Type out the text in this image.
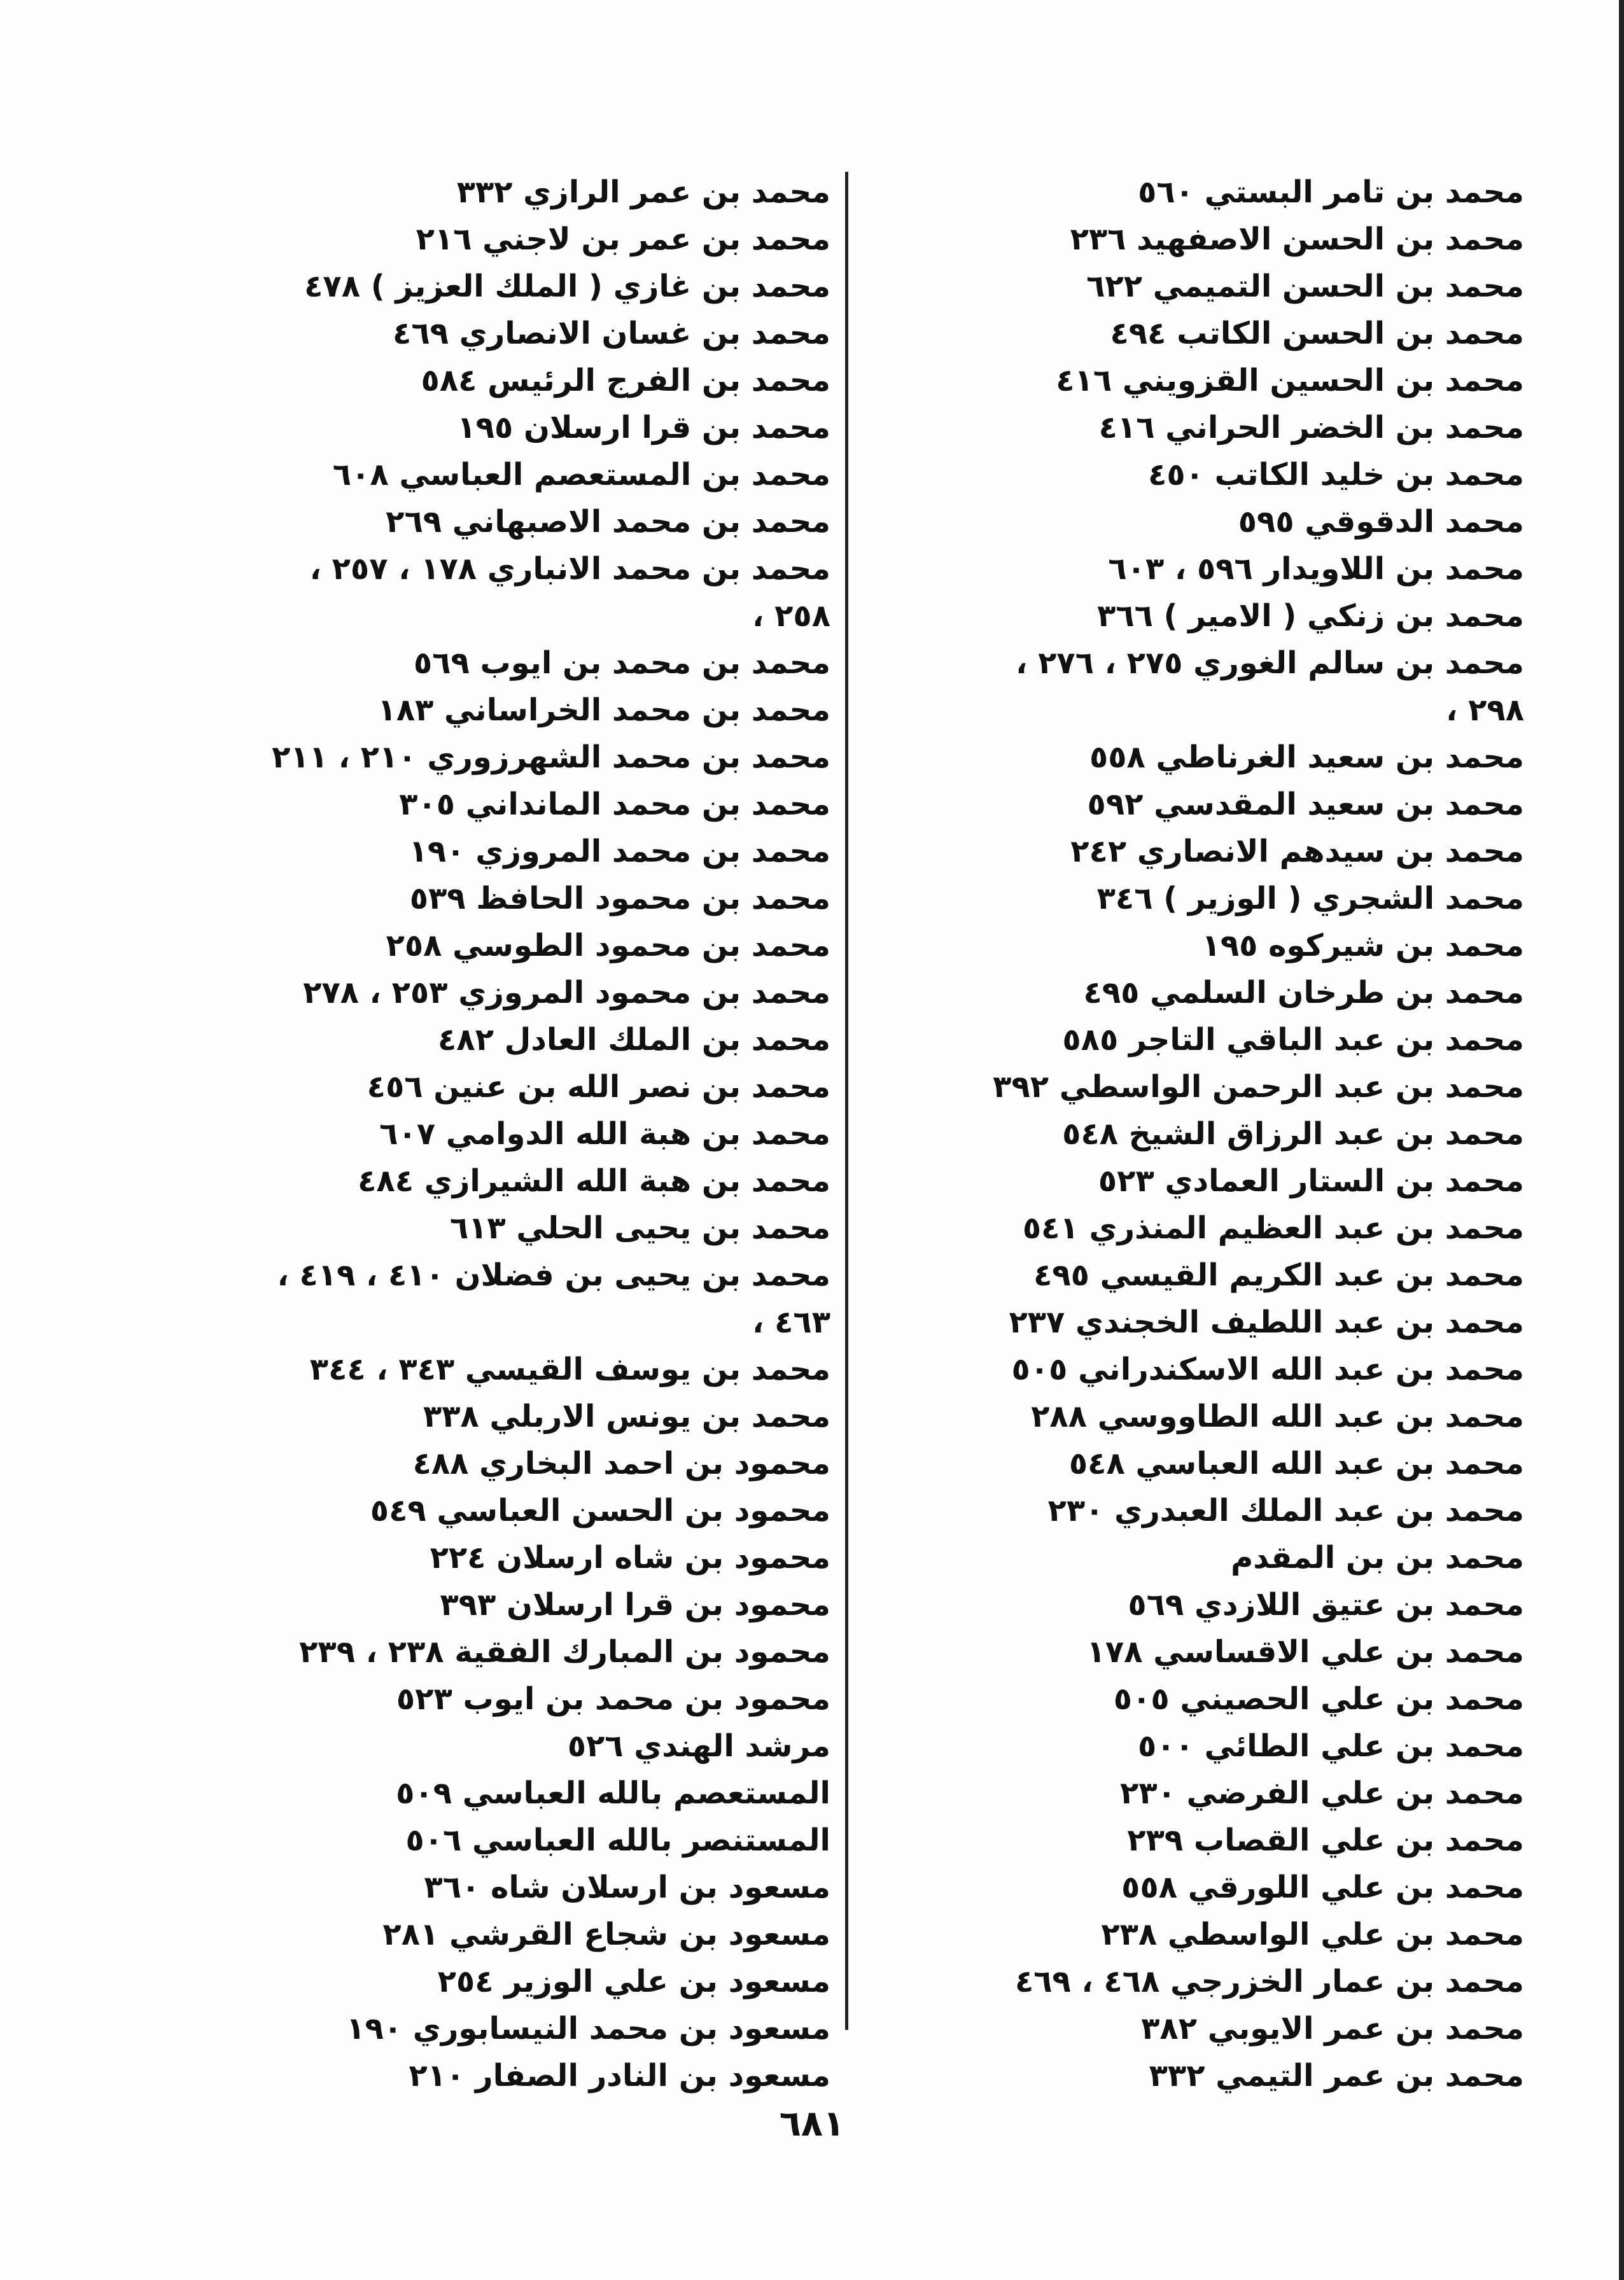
محمد بن تامر البستي ٥٦٠
محمد بن الحسن الاصفهيد ٢٣٦
محمد بن الحسن التميمي ٦٢٢
محمد بن الحسن الكاتب ٤٩٤
محمد بن الحسين القزويني ٤١٦
محمد بن الخضر الحراني ٤١٦
محمد بن خليد الكاتب ٤٥٠
محمد الدقوقي ٥٩٥
محمد بن اللاويدار ٥٩٦ ، ٦٠٣
محمد بن زنكي ( الامير ) ٣٦٦
محمد بن سالم الغوري ٢٧٥ ، ٢٧٦ ،
٢٩٨ ،
محمد بن سعيد الغرناطي ٥٥٨
محمد بن سعيد المقدسي ٥٩٢
محمد بن سيدهم الانصاري ٢٤٢
محمد الشجري ( الوزير ) ٣٤٦
محمد بن شيركوه ١٩٥
محمد بن طرخان السلمي ٤٩٥
محمد بن عبد الباقي التاجر ٥٨٥
محمد بن عبد الرحمن الواسطي ٣٩٢
محمد بن عبد الرزاق الشيخ ٥٤٨
محمد بن الستار العمادي ٥٢٣
محمد بن عبد العظيم المنذري ٥٤١
محمد بن عبد الكريم القيسي ٤٩٥
محمد بن عبد اللطيف الخجندي ٢٣٧
محمد بن عبد الله الاسكندراني ٥٠٥
محمد بن عبد الله الطاووسي ٢٨٨
محمد بن عبد الله العباسي ٥٤٨
محمد بن عبد الملك العبدري ٢٣٠
محمد بن بن المقدم
محمد بن عتيق اللازدي ٥٦٩
محمد بن علي الاقساسي ١٧٨
محمد بن علي الحصيني ٥٠٥
محمد بن علي الطائي ٥٠٠
محمد بن علي الفرضي ٢٣٠
محمد بن علي القصاب ٢٣٩
محمد بن علي اللورقي ٥٥٨
محمد بن علي الواسطي ٢٣٨
محمد بن عمار الخزرجي ٤٦٨ ، ٤٦٩
محمد بن عمر الايوبي ٣٨٢
محمد بن عمر التيمي ٣٣٢
محمد بن عمر الرازي ٣٣٢
محمد بن عمر بن لاجني ٢١٦
محمد بن غازي ( الملك العزيز ) ٤٧٨
محمد بن غسان الانصاري ٤٦٩
محمد بن الفرج الرئيس ٥٨٤
محمد بن قرا ارسلان ١٩٥
محمد بن المستعصم العباسي ٦٠٨
محمد بن محمد الاصبهاني ٢٦٩
محمد بن محمد الانباري ١٧٨ ، ٢٥٧ ،
٢٥٨ ،
محمد بن محمد بن ايوب ٥٦٩
محمد بن محمد الخراساني ١٨٣
محمد بن محمد الشهرزوري ٢١٠ ، ٢١١
محمد بن محمد المانداني ٣٠٥
محمد بن محمد المروزي ١٩٠
محمد بن محمود الحافظ ٥٣٩
محمد بن محمود الطوسي ٢٥٨
محمد بن محمود المروزي ٢٥٣ ، ٢٧٨
محمد بن الملك العادل ٤٨٢
محمد بن نصر الله بن عنين ٤٥٦
محمد بن هبة الله الدوامي ٦٠٧
محمد بن هبة الله الشيرازي ٤٨٤
محمد بن يحيى الحلي ٦١٣
محمد بن يحيى بن فضلان ٤١٠ ، ٤١٩ ،
٤٦٣ ،
محمد بن يوسف القيسي ٣٤٣ ، ٣٤٤
محمد بن يونس الاربلي ٣٣٨
محمود بن احمد البخاري ٤٨٨
محمود بن الحسن العباسي ٥٤٩
محمود بن شاه ارسلان ٢٢٤
محمود بن قرا ارسلان ٣٩٣
محمود بن المبارك الفقية ٢٣٨ ، ٢٣٩
محمود بن محمد بن ايوب ٥٢٣
مرشد الهندي ٥٢٦
المستعصم بالله العباسي ٥٠٩
المستنصر بالله العباسي ٥٠٦
مسعود بن ارسلان شاه ٣٦٠
مسعود بن شجاع القرشي ٢٨١
مسعود بن علي الوزير ٢٥٤
مسعود بن محمد النيسابوري ١٩٠
مسعود بن النادر الصفار ٢١٠
٦٨١
